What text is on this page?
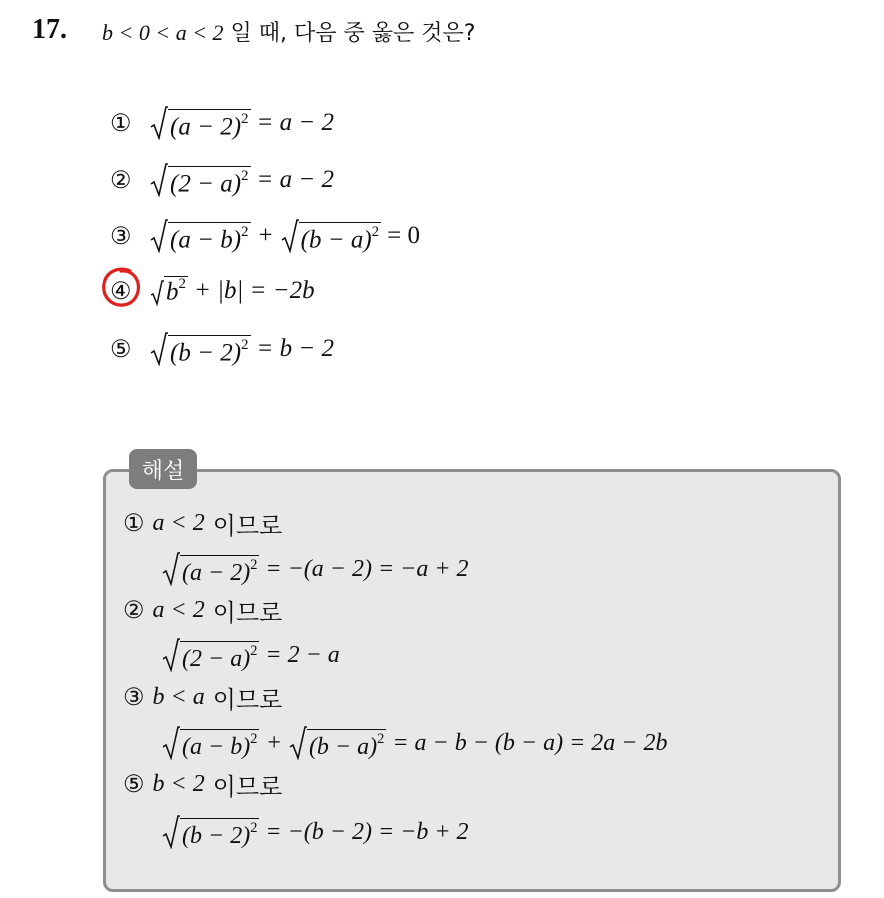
17. b < 0 < a < 2 일 때, 다음 중 옳은 것은?
①	$(a - 2)^2 = a - 2$
②	$(2 - a)^2 = a - 2$
③	$(a - b)^2 + (b - a)^2 = 0$
④	$b^2 + |b| = -2b$
⑤	$(b - 2)^2 = b - 2$
해설
① a < 2 이므로
$(a - 2)^2 = -(a - 2) = -a + 2$
② a < 2 이므로
$(2 - a)^2 = 2 - a$
③ b < a 이므로
$(a - b)^2 + (b - a)^2 = a - b - (b - a) = 2a - 2b$
⑤ b < 2 이므로
$(b - 2)^2 = -(b - 2) = -b + 2$
